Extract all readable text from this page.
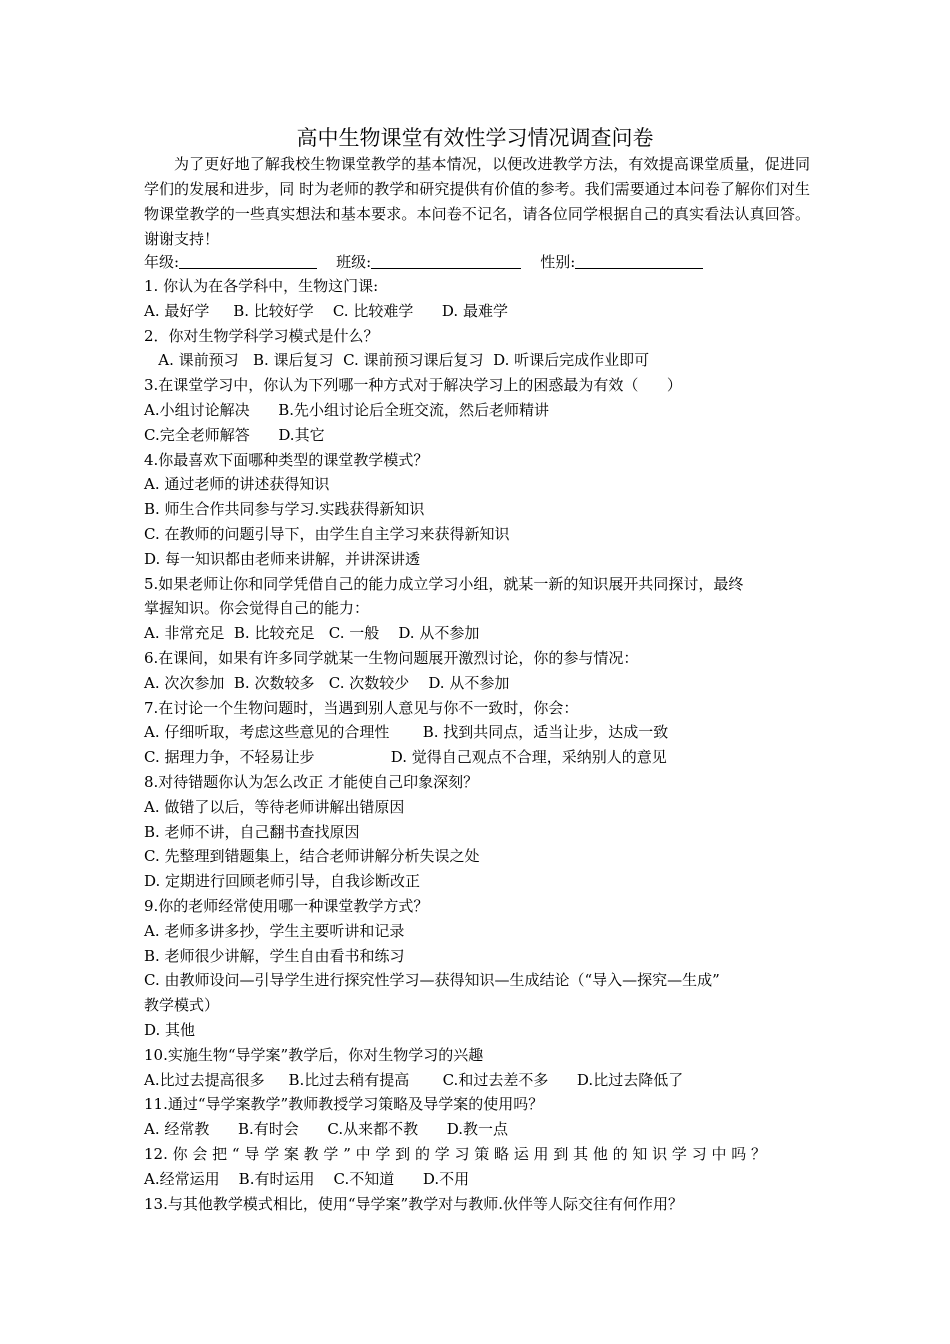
高中生物课堂有效性学习情况调查问卷
为了更好地了解我校生物课堂教学的基本情况，以便改进教学方法，有效提高课堂质量，促进同学们的发展和进步，同 时为老师的教学和研究提供有价值的参考。我们需要通过本问卷了解你们对生物课堂教学的一些真实想法和基本要求。本问卷不记名，请各位同学根据自己的真实看法认真回答。谢谢支持！
年级:	班级:	性别:
1. 你认为在各学科中，生物这门课:
A. 最好学     B. 比较好学    C. 比较难学      D. 最难学
2．你对生物学科学习模式是什么？
A. 课前预习   B. 课后复习  C. 课前预习课后复习  D. 听课后完成作业即可
3.在课堂学习中，你认为下列哪一种方式对于解决学习上的困惑最为有效（      ）
A.小组讨论解决      B.先小组讨论后全班交流，然后老师精讲
C.完全老师解答      D.其它
4.你最喜欢下面哪种类型的课堂教学模式？
A. 通过老师的讲述获得知识
B. 师生合作共同参与学习.实践获得新知识
C. 在教师的问题引导下，由学生自主学习来获得新知识
D. 每一知识都由老师来讲解，并讲深讲透
5.如果老师让你和同学凭借自己的能力成立学习小组，就某一新的知识展开共同探讨，最终
掌握知识。你会觉得自己的能力：
A. 非常充足  B. 比较充足   C. 一般    D. 从不参加
6.在课间，如果有许多同学就某一生物问题展开激烈讨论，你的参与情况：
A. 次次参加  B. 次数较多   C. 次数较少    D. 从不参加
7.在讨论一个生物问题时，当遇到别人意见与你不一致时，你会：
A. 仔细听取，考虑这些意见的合理性       B. 找到共同点，适当让步，达成一致
C. 据理力争，不轻易让步                D. 觉得自己观点不合理，采纳别人的意见
8.对待错题你认为怎么改正 才能使自己印象深刻？
A. 做错了以后，等待老师讲解出错原因
B. 老师不讲，自己翻书查找原因
C. 先整理到错题集上，结合老师讲解分析失误之处
D. 定期进行回顾老师引导，自我诊断改正
9.你的老师经常使用哪一种课堂教学方式？
A. 老师多讲多抄，学生主要听讲和记录
B. 老师很少讲解，学生自由看书和练习
C. 由教师设问—引导学生进行探究性学习—获得知识—生成结论（“导入—探究—生成”
教学模式）
D. 其他
10.实施生物“导学案”教学后，你对生物学习的兴趣
A.比过去提高很多     B.比过去稍有提高       C.和过去差不多      D.比过去降低了
11.通过“导学案教学”教师教授学习策略及导学案的使用吗？
A. 经常教      B.有时会      C.从来都不教      D.教一点
12. 你 会 把 “ 导 学 案 教 学 ” 中 学 到 的 学 习 策 略 运 用 到 其 他 的 知 识 学 习 中 吗 ？
A.经常运用    B.有时运用    C.不知道      D.不用
13.与其他教学模式相比，使用“导学案”教学对与教师.伙伴等人际交往有何作用？
